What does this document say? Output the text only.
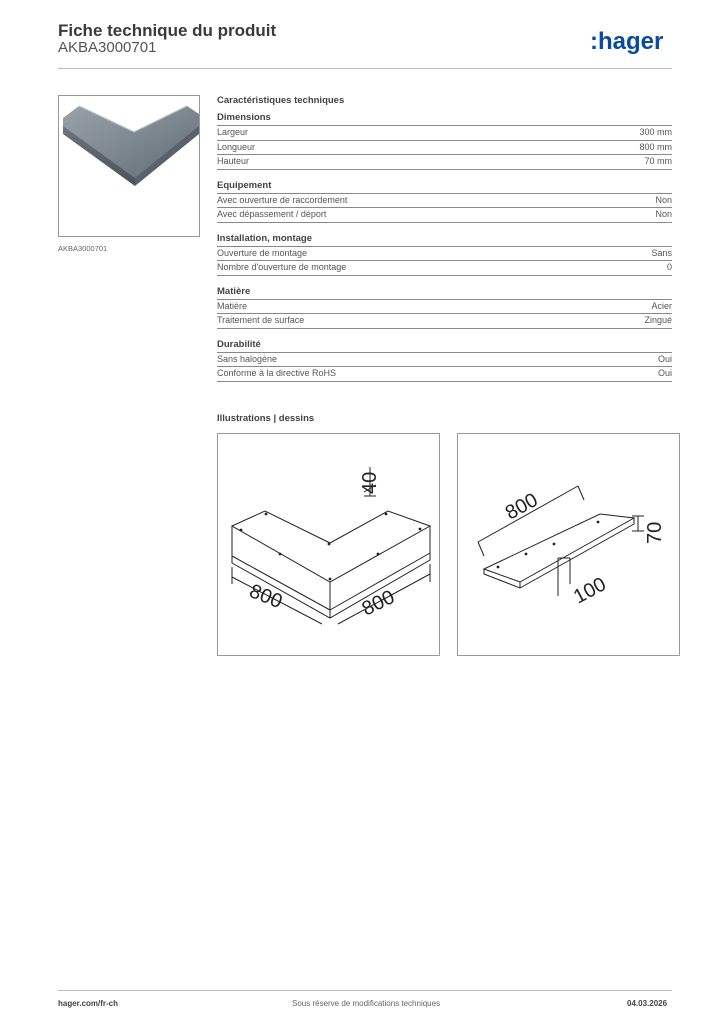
Fiche technique du produit
AKBA3000701	:hager
AKBA3000701
Caractéristiques techniques
Dimensions
Largeur	300 mm
Longueur	800 mm
Hauteur	70 mm
Equipement
Avec ouverture de raccordement	Non
Avec dépassement / déport	Non
Installation, montage
Ouverture de montage	Sans
Nombre d'ouverture de montage	0
Matière
Matière	Acier
Traitement de surface	Zingué
Durabilité
Sans halogène	Oui
Conforme à la directive RoHS	Oui
Illustrations | dessins
40
800	800
800
70
100
hager.com/fr-ch	Sous réserve de modifications techniques	04.03.2026
